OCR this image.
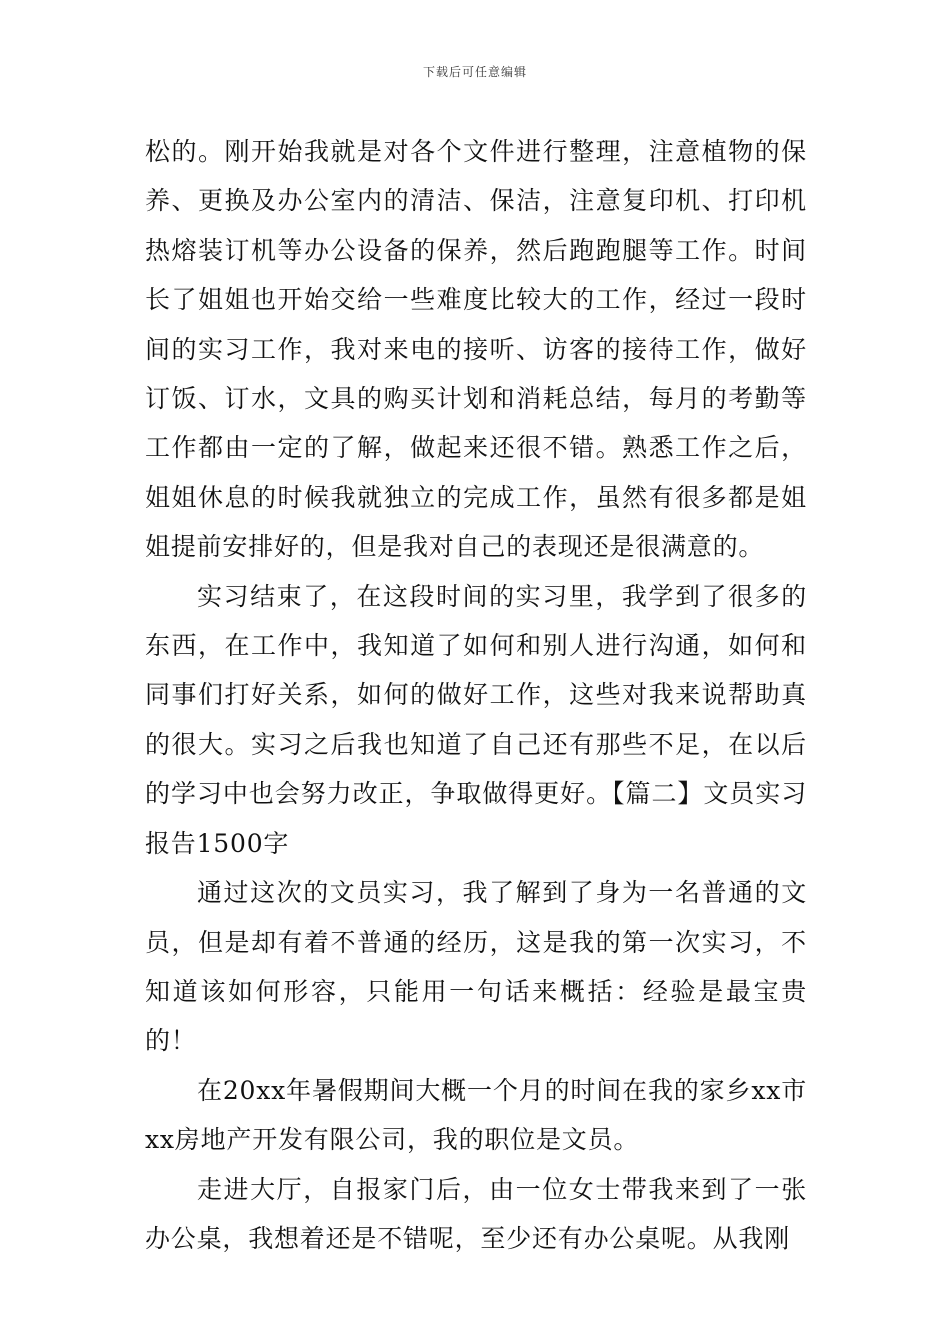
下载后可任意编辑

松的。刚开始我就是对各个文件进行整理，注意植物的保养、更换及办公室内的清洁、保洁，注意复印机、打印机热熔装订机等办公设备的保养，然后跑跑腿等工作。时间长了姐姐也开始交给一些难度比较大的工作，经过一段时间的实习工作，我对来电的接听、访客的接待工作，做好订饭、订水，文具的购买计划和消耗总结，每月的考勤等工作都由一定的了解，做起来还很不错。熟悉工作之后，姐姐休息的时候我就独立的完成工作，虽然有很多都是姐姐提前安排好的，但是我对自己的表现还是很满意的。

实习结束了，在这段时间的实习里，我学到了很多的东西，在工作中，我知道了如何和别人进行沟通，如何和同事们打好关系，如何的做好工作，这些对我来说帮助真的很大。实习之后我也知道了自己还有那些不足，在以后的学习中也会努力改正，争取做得更好。【篇二】文员实习报告1500字

通过这次的文员实习，我了解到了身为一名普通的文员，但是却有着不普通的经历，这是我的第一次实习，不知道该如何形容，只能用一句话来概括：经验是最宝贵的！

在20xx年暑假期间大概一个月的时间在我的家乡xx市xx房地产开发有限公司，我的职位是文员。

走进大厅，自报家门后，由一位女士带我来到了一张办公桌，我想着还是不错呢，至少还有办公桌呢。从我刚
